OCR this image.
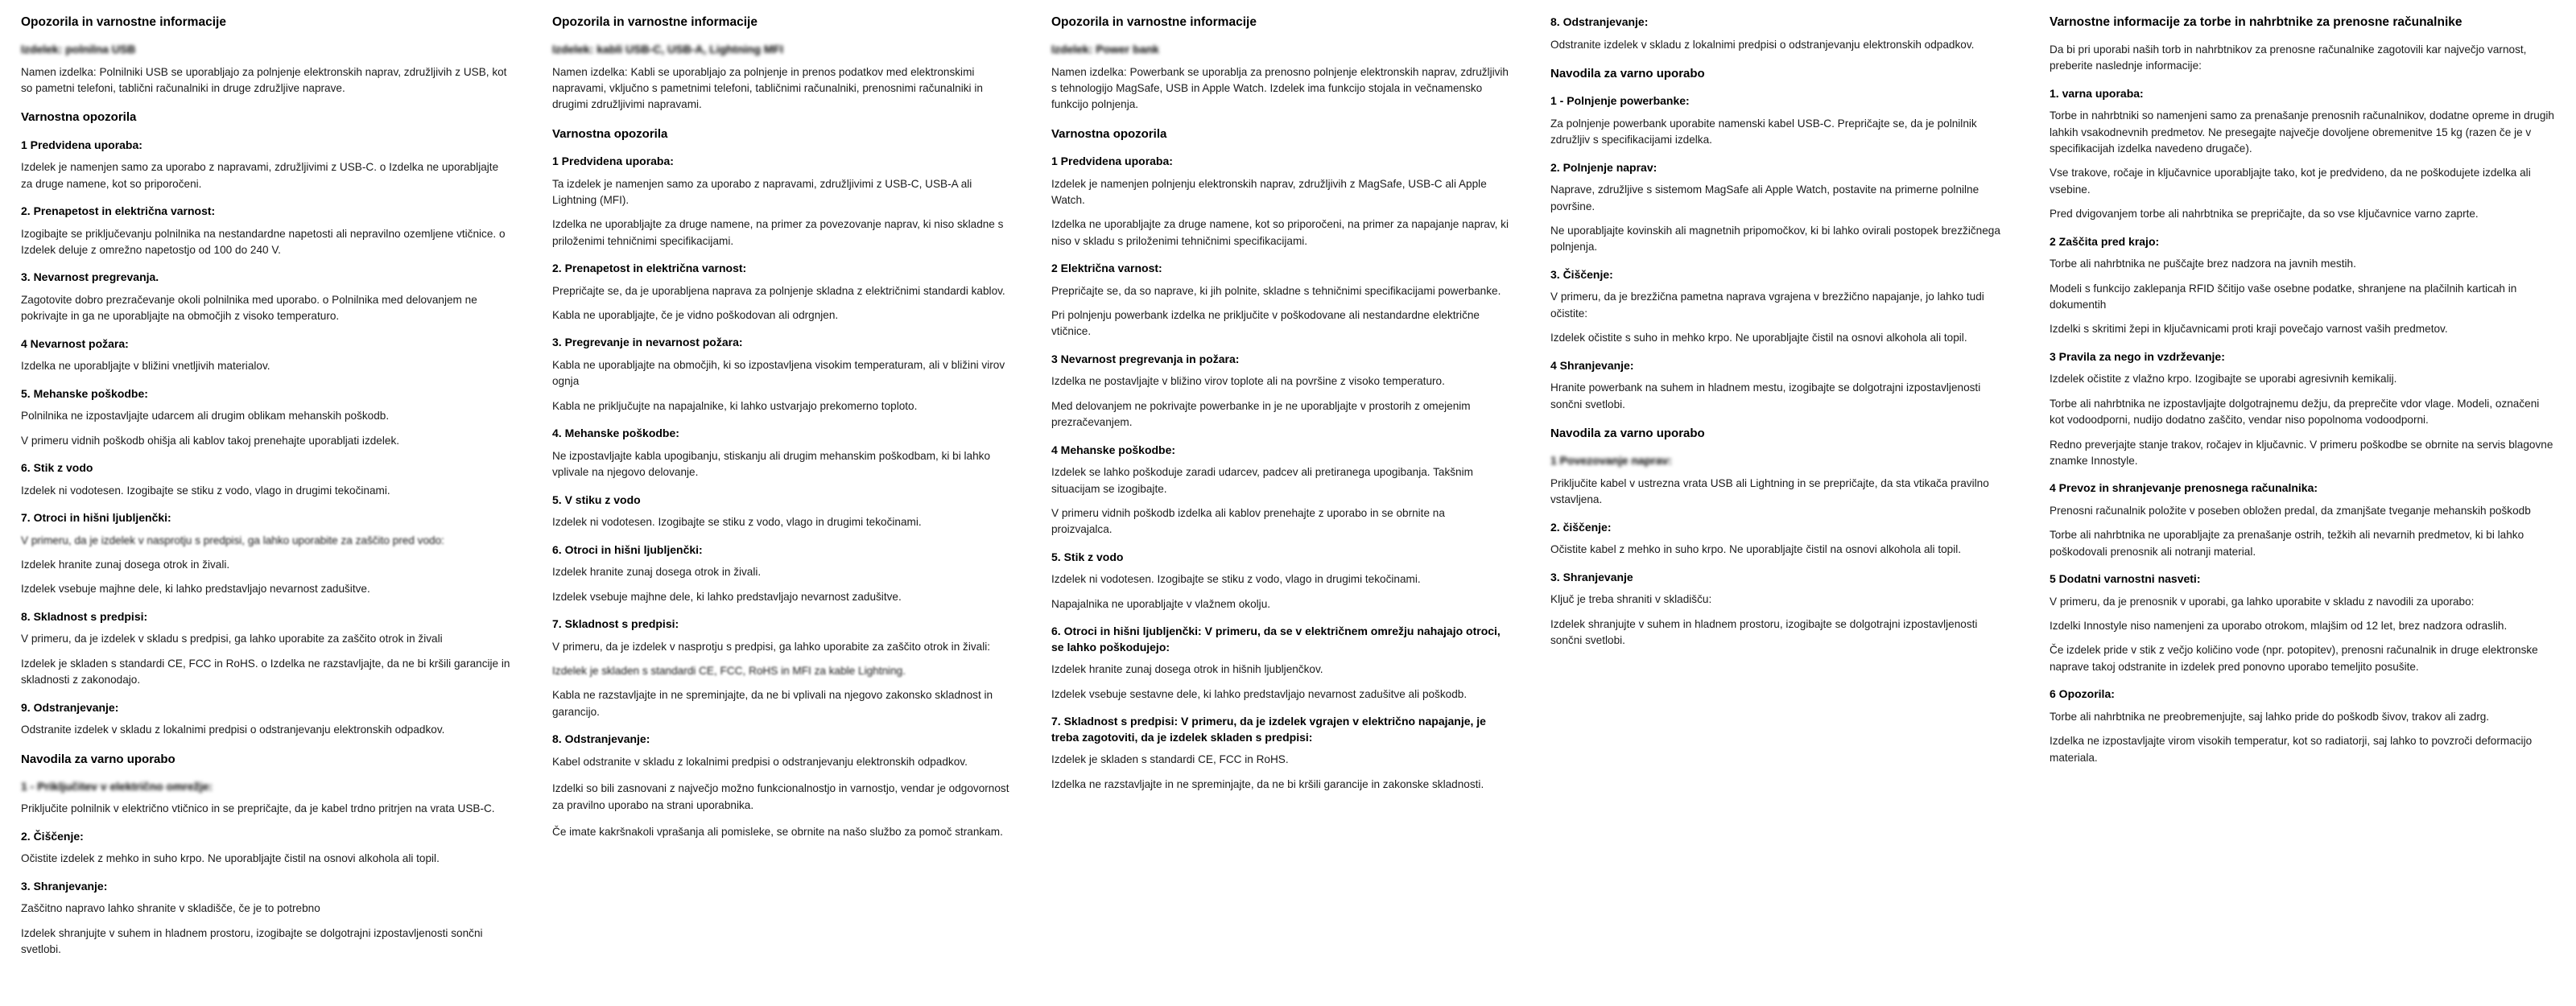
Opozorila in varnostne informacije
Izdelek: polnilna USB

Namen izdelka: Polnilniki USB se uporabljajo za polnjenje elektronskih naprav, združljivih z USB, kot so pametni telefoni, tablični računalniki in druge združljive naprave.

Varnostna opozorila
1 Predvidena uporaba:

Izdelek je namenjen samo za uporabo z napravami, združljivimi z USB-C. o Izdelka ne uporabljajte za druge namene, kot so priporočeni.

2. Prenapetost in električna varnost:

Izogibajte se priključevanju polnilnika na nestandardne napetosti ali nepravilno ozemljene vtičnice. o Izdelek deluje z omrežno napetostjo od 100 do 240 V.

3. Nevarnost pregrevanja.

Zagotovite dobro prezračevanje okoli polnilnika med uporabo. o Polnilnika med delovanjem ne pokrivajte in ga ne uporabljajte na območjih z visoko temperaturo.

4 Nevarnost požara:

Izdelka ne uporabljajte v bližini vnetljivih materialov.

5. Mehanske poškodbe:

Polnilnika ne izpostavljajte udarcem ali drugim oblikam mehanskih poškodb.

V primeru vidnih poškodb ohišja ali kablov takoj prenehajte uporabljati izdelek.

6. Stik z vodo

Izdelek ni vodotesen. Izogibajte se stiku z vodo, vlago in drugimi tekočinami.

7. Otroci in hišni ljubljenčki:

V primeru, da je izdelek v nasprotju s predpisi, ga lahko uporabite za zaščito pred vodo:

Izdelek hranite zunaj dosega otrok in živali.

Izdelek vsebuje majhne dele, ki lahko predstavljajo nevarnost zadušitve.

8. Skladnost s predpisi:

V primeru, da je izdelek v skladu s predpisi, ga lahko uporabite za zaščito otrok in živali

Izdelek je skladen s standardi CE, FCC in RoHS. o Izdelka ne razstavljajte, da ne bi kršili garancije in skladnosti z zakonodajo.

9. Odstranjevanje:

Odstranite izdelek v skladu z lokalnimi predpisi o odstranjevanju elektronskih odpadkov.

Navodila za varno uporabo
1 - Priključitev v električno omrežje:

Priključite polnilnik v električno vtičnico in se prepričajte, da je kabel trdno pritrjen na vrata USB-C.

2. Čiščenje:

Očistite izdelek z mehko in suho krpo. Ne uporabljajte čistil na osnovi alkohola ali topil.

3. Shranjevanje:

Zaščitno napravo lahko shranite v skladišče, če je to potrebno

Izdelek shranjujte v suhem in hladnem prostoru, izogibajte se dolgotrajni izpostavljenosti sončni svetlobi.

Opozorila in varnostne informacije
Izdelek: kabli USB-C, USB-A, Lightning MFI

Namen izdelka: Kabli se uporabljajo za polnjenje in prenos podatkov med elektronskimi napravami, vključno s pametnimi telefoni, tabličnimi računalniki, prenosnimi računalniki in drugimi združljivimi napravami.

Varnostna opozorila
1 Predvidena uporaba:

Ta izdelek je namenjen samo za uporabo z napravami, združljivimi z USB-C, USB-A ali Lightning (MFI).

Izdelka ne uporabljajte za druge namene, na primer za povezovanje naprav, ki niso skladne s priloženimi tehničnimi specifikacijami.

2. Prenapetost in električna varnost:

Prepričajte se, da je uporabljena naprava za polnjenje skladna z električnimi standardi kablov.

Kabla ne uporabljajte, če je vidno poškodovan ali odrgnjen.

3. Pregrevanje in nevarnost požara:

Kabla ne uporabljajte na območjih, ki so izpostavljena visokim temperaturam, ali v bližini virov ognja

Kabla ne priključujte na napajalnike, ki lahko ustvarjajo prekomerno toploto.

4. Mehanske poškodbe:

Ne izpostavljajte kabla upogibanju, stiskanju ali drugim mehanskim poškodbam, ki bi lahko vplivale na njegovo delovanje.

5. V stiku z vodo

Izdelek ni vodotesen. Izogibajte se stiku z vodo, vlago in drugimi tekočinami.

6. Otroci in hišni ljubljenčki:

Izdelek hranite zunaj dosega otrok in živali.

Izdelek vsebuje majhne dele, ki lahko predstavljajo nevarnost zadušitve.

7. Skladnost s predpisi:

V primeru, da je izdelek v nasprotju s predpisi, ga lahko uporabite za zaščito otrok in živali:

Izdelek je skladen s standardi CE, FCC, RoHS in MFI za kable Lightning.

Kabla ne razstavljajte in ne spreminjajte, da ne bi vplivali na njegovo zakonsko skladnost in garancijo.

8. Odstranjevanje:

Kabel odstranite v skladu z lokalnimi predpisi o odstranjevanju elektronskih odpadkov.

Izdelki so bili zasnovani z največjo možno funkcionalnostjo in varnostjo, vendar je odgovornost za pravilno uporabo na strani uporabnika.

Če imate kakršnakoli vprašanja ali pomisleke, se obrnite na našo službo za pomoč strankam.

Opozorila in varnostne informacije
Izdelek: Power bank

Namen izdelka: Powerbank se uporablja za prenosno polnjenje elektronskih naprav, združljivih s tehnologijo MagSafe, USB in Apple Watch. Izdelek ima funkcijo stojala in večnamensko funkcijo polnjenja.

Varnostna opozorila
1 Predvidena uporaba:

Izdelek je namenjen polnjenju elektronskih naprav, združljivih z MagSafe, USB-C ali Apple Watch.

Izdelka ne uporabljajte za druge namene, kot so priporočeni, na primer za napajanje naprav, ki niso v skladu s priloženimi tehničnimi specifikacijami.

2 Električna varnost:

Prepričajte se, da so naprave, ki jih polnite, skladne s tehničnimi specifikacijami powerbanke.

Pri polnjenju powerbank izdelka ne priključite v poškodovane ali nestandardne električne vtičnice.

3 Nevarnost pregrevanja in požara:

Izdelka ne postavljajte v bližino virov toplote ali na površine z visoko temperaturo.

Med delovanjem ne pokrivajte powerbanke in je ne uporabljajte v prostorih z omejenim prezračevanjem.

4 Mehanske poškodbe:

Izdelek se lahko poškoduje zaradi udarcev, padcev ali pretiranega upogibanja. Takšnim situacijam se izogibajte.

V primeru vidnih poškodb izdelka ali kablov prenehajte z uporabo in se obrnite na proizvajalca.

5. Stik z vodo

Izdelek ni vodotesen. Izogibajte se stiku z vodo, vlago in drugimi tekočinami.

Napajalnika ne uporabljajte v vlažnem okolju.

6. Otroci in hišni ljubljenčki: V primeru, da se v električnem omrežju nahajajo otroci, se lahko poškodujejo:

Izdelek hranite zunaj dosega otrok in hišnih ljubljenčkov.

Izdelek vsebuje sestavne dele, ki lahko predstavljajo nevarnost zadušitve ali poškodb.

7. Skladnost s predpisi: V primeru, da je izdelek vgrajen v električno napajanje, je treba zagotoviti, da je izdelek skladen s predpisi:

Izdelek je skladen s standardi CE, FCC in RoHS.

Izdelka ne razstavljajte in ne spreminjajte, da ne bi kršili garancije in zakonske skladnosti.

8. Odstranjevanje:

Odstranite izdelek v skladu z lokalnimi predpisi o odstranjevanju elektronskih odpadkov.

Navodila za varno uporabo
1 - Polnjenje powerbanke:

Za polnjenje powerbank uporabite namenski kabel USB-C. Prepričajte se, da je polnilnik združljiv s specifikacijami izdelka.

2. Polnjenje naprav:

Naprave, združljive s sistemom MagSafe ali Apple Watch, postavite na primerne polnilne površine.

Ne uporabljajte kovinskih ali magnetnih pripomočkov, ki bi lahko ovirali postopek brezžičnega polnjenja.

3. Čiščenje:

V primeru, da je brezžična pametna naprava vgrajena v brezžično napajanje, jo lahko tudi očistite:

Izdelek očistite s suho in mehko krpo. Ne uporabljajte čistil na osnovi alkohola ali topil.

4 Shranjevanje:

Hranite powerbank na suhem in hladnem mestu, izogibajte se dolgotrajni izpostavljenosti sončni svetlobi.

Navodila za varno uporabo
1 Povezovanje naprav:

Priključite kabel v ustrezna vrata USB ali Lightning in se prepričajte, da sta vtikača pravilno vstavljena.

2. čiščenje:

Očistite kabel z mehko in suho krpo. Ne uporabljajte čistil na osnovi alkohola ali topil.

3. Shranjevanje

Ključ je treba shraniti v skladišču:

Izdelek shranjujte v suhem in hladnem prostoru, izogibajte se dolgotrajni izpostavljenosti sončni svetlobi.

Varnostne informacije za torbe in nahrbtnike za prenosne računalnike

Da bi pri uporabi naših torb in nahrbtnikov za prenosne računalnike zagotovili kar največjo varnost, preberite naslednje informacije:

1. varna uporaba:

Torbe in nahrbtniki so namenjeni samo za prenašanje prenosnih računalnikov, dodatne opreme in drugih lahkih vsakodnevnih predmetov. Ne presegajte največje dovoljene obremenitve 15 kg (razen če je v specifikacijah izdelka navedeno drugače).

Vse trakove, ročaje in ključavnice uporabljajte tako, kot je predvideno, da ne poškodujete izdelka ali vsebine.

Pred dvigovanjem torbe ali nahrbtnika se prepričajte, da so vse ključavnice varno zaprte.

2 Zaščita pred krajo:

Torbe ali nahrbtnika ne puščajte brez nadzora na javnih mestih.

Modeli s funkcijo zaklepanja RFID ščitijo vaše osebne podatke, shranjene na plačilnih karticah in dokumentih

Izdelki s skritimi žepi in ključavnicami proti kraji povečajo varnost vaših predmetov.

3 Pravila za nego in vzdrževanje:

Izdelek očistite z vlažno krpo. Izogibajte se uporabi agresivnih kemikalij.

Torbe ali nahrbtnika ne izpostavljajte dolgotrajnemu dežju, da preprečite vdor vlage. Modeli, označeni kot vodoodporni, nudijo dodatno zaščito, vendar niso popolnoma vodoodporni.

Redno preverjajte stanje trakov, ročajev in ključavnic. V primeru poškodbe se obrnite na servis blagovne znamke Innostyle.

4 Prevoz in shranjevanje prenosnega računalnika:

Prenosni računalnik položite v poseben obložen predal, da zmanjšate tveganje mehanskih poškodb

Torbe ali nahrbtnika ne uporabljajte za prenašanje ostrih, težkih ali nevarnih predmetov, ki bi lahko poškodovali prenosnik ali notranji material.

5 Dodatni varnostni nasveti:

V primeru, da je prenosnik v uporabi, ga lahko uporabite v skladu z navodili za uporabo:

Izdelki Innostyle niso namenjeni za uporabo otrokom, mlajšim od 12 let, brez nadzora odraslih.

Če izdelek pride v stik z večjo količino vode (npr. potopitev), prenosni računalnik in druge elektronske naprave takoj odstranite in izdelek pred ponovno uporabo temeljito posušite.

6 Opozorila:

Torbe ali nahrbtnika ne preobremenjujte, saj lahko pride do poškodb šivov, trakov ali zadrg.

Izdelka ne izpostavljajte virom visokih temperatur, kot so radiatorji, saj lahko to povzroči deformacijo materiala.
